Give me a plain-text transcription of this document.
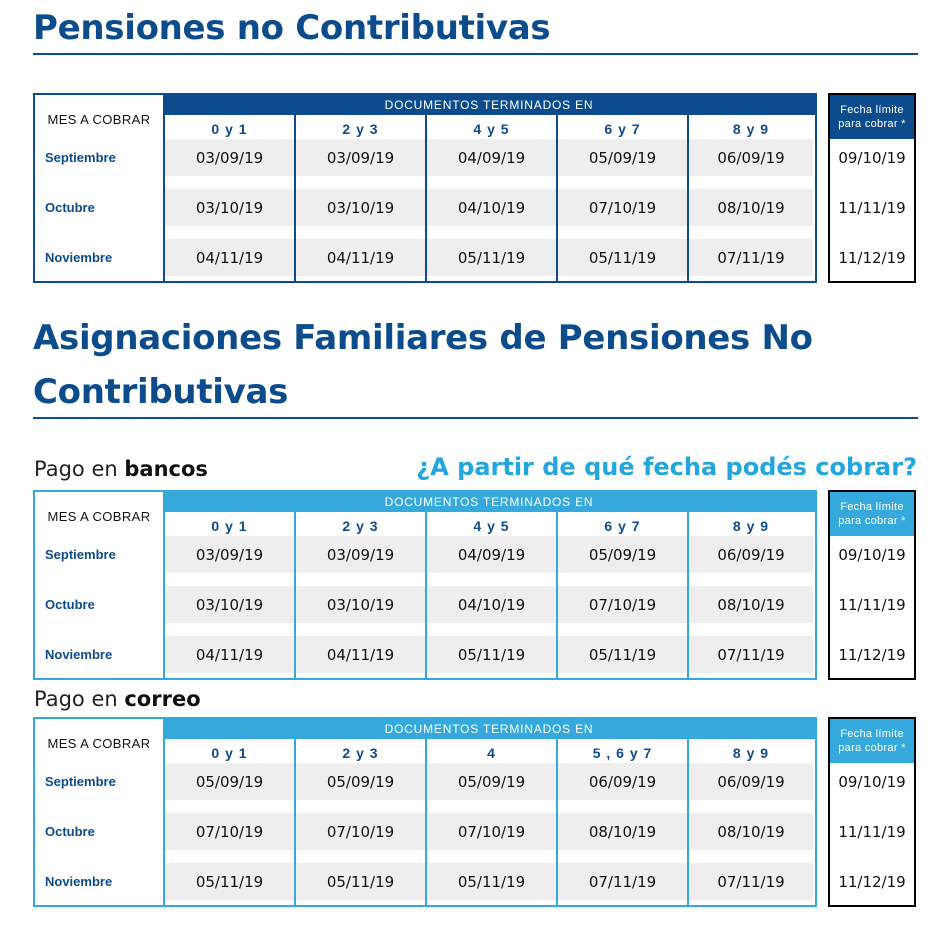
Pensiones no Contributivas
MES A COBRAR
DOCUMENTOS TERMINADOS EN
Septiembre
Octubre
Noviembre
0 y 1
03/09/19
03/10/19
04/11/19
2 y 3
03/09/19
03/10/19
04/11/19
4 y 5
04/09/19
04/10/19
05/11/19
6 y 7
05/09/19
07/10/19
05/11/19
8 y 9
06/09/19
08/10/19
07/11/19
Fecha límite para cobrar *
09/10/19
11/11/19
11/12/19
Asignaciones Familiares de Pensiones No
Contributivas
Pago en bancos	¿A partir de qué fecha podés cobrar?

MES A COBRAR
DOCUMENTOS TERMINADOS EN
Septiembre
Octubre
Noviembre
0 y 1
03/09/19
03/10/19
04/11/19
2 y 3
03/09/19
03/10/19
04/11/19
4 y 5
04/09/19
04/10/19
05/11/19
6 y 7
05/09/19
07/10/19
05/11/19
8 y 9
06/09/19
08/10/19
07/11/19
Fecha límite para cobrar *
09/10/19
11/11/19
11/12/19
Pago en correo
MES A COBRAR
DOCUMENTOS TERMINADOS EN
Septiembre
Octubre
Noviembre
0 y 1
05/09/19
07/10/19
05/11/19
2 y 3
05/09/19
07/10/19
05/11/19
4
05/09/19
07/10/19
05/11/19
5 , 6 y 7
06/09/19
08/10/19
07/11/19
8 y 9
06/09/19
08/10/19
07/11/19
Fecha límite para cobrar *
09/10/19
11/11/19
11/12/19
